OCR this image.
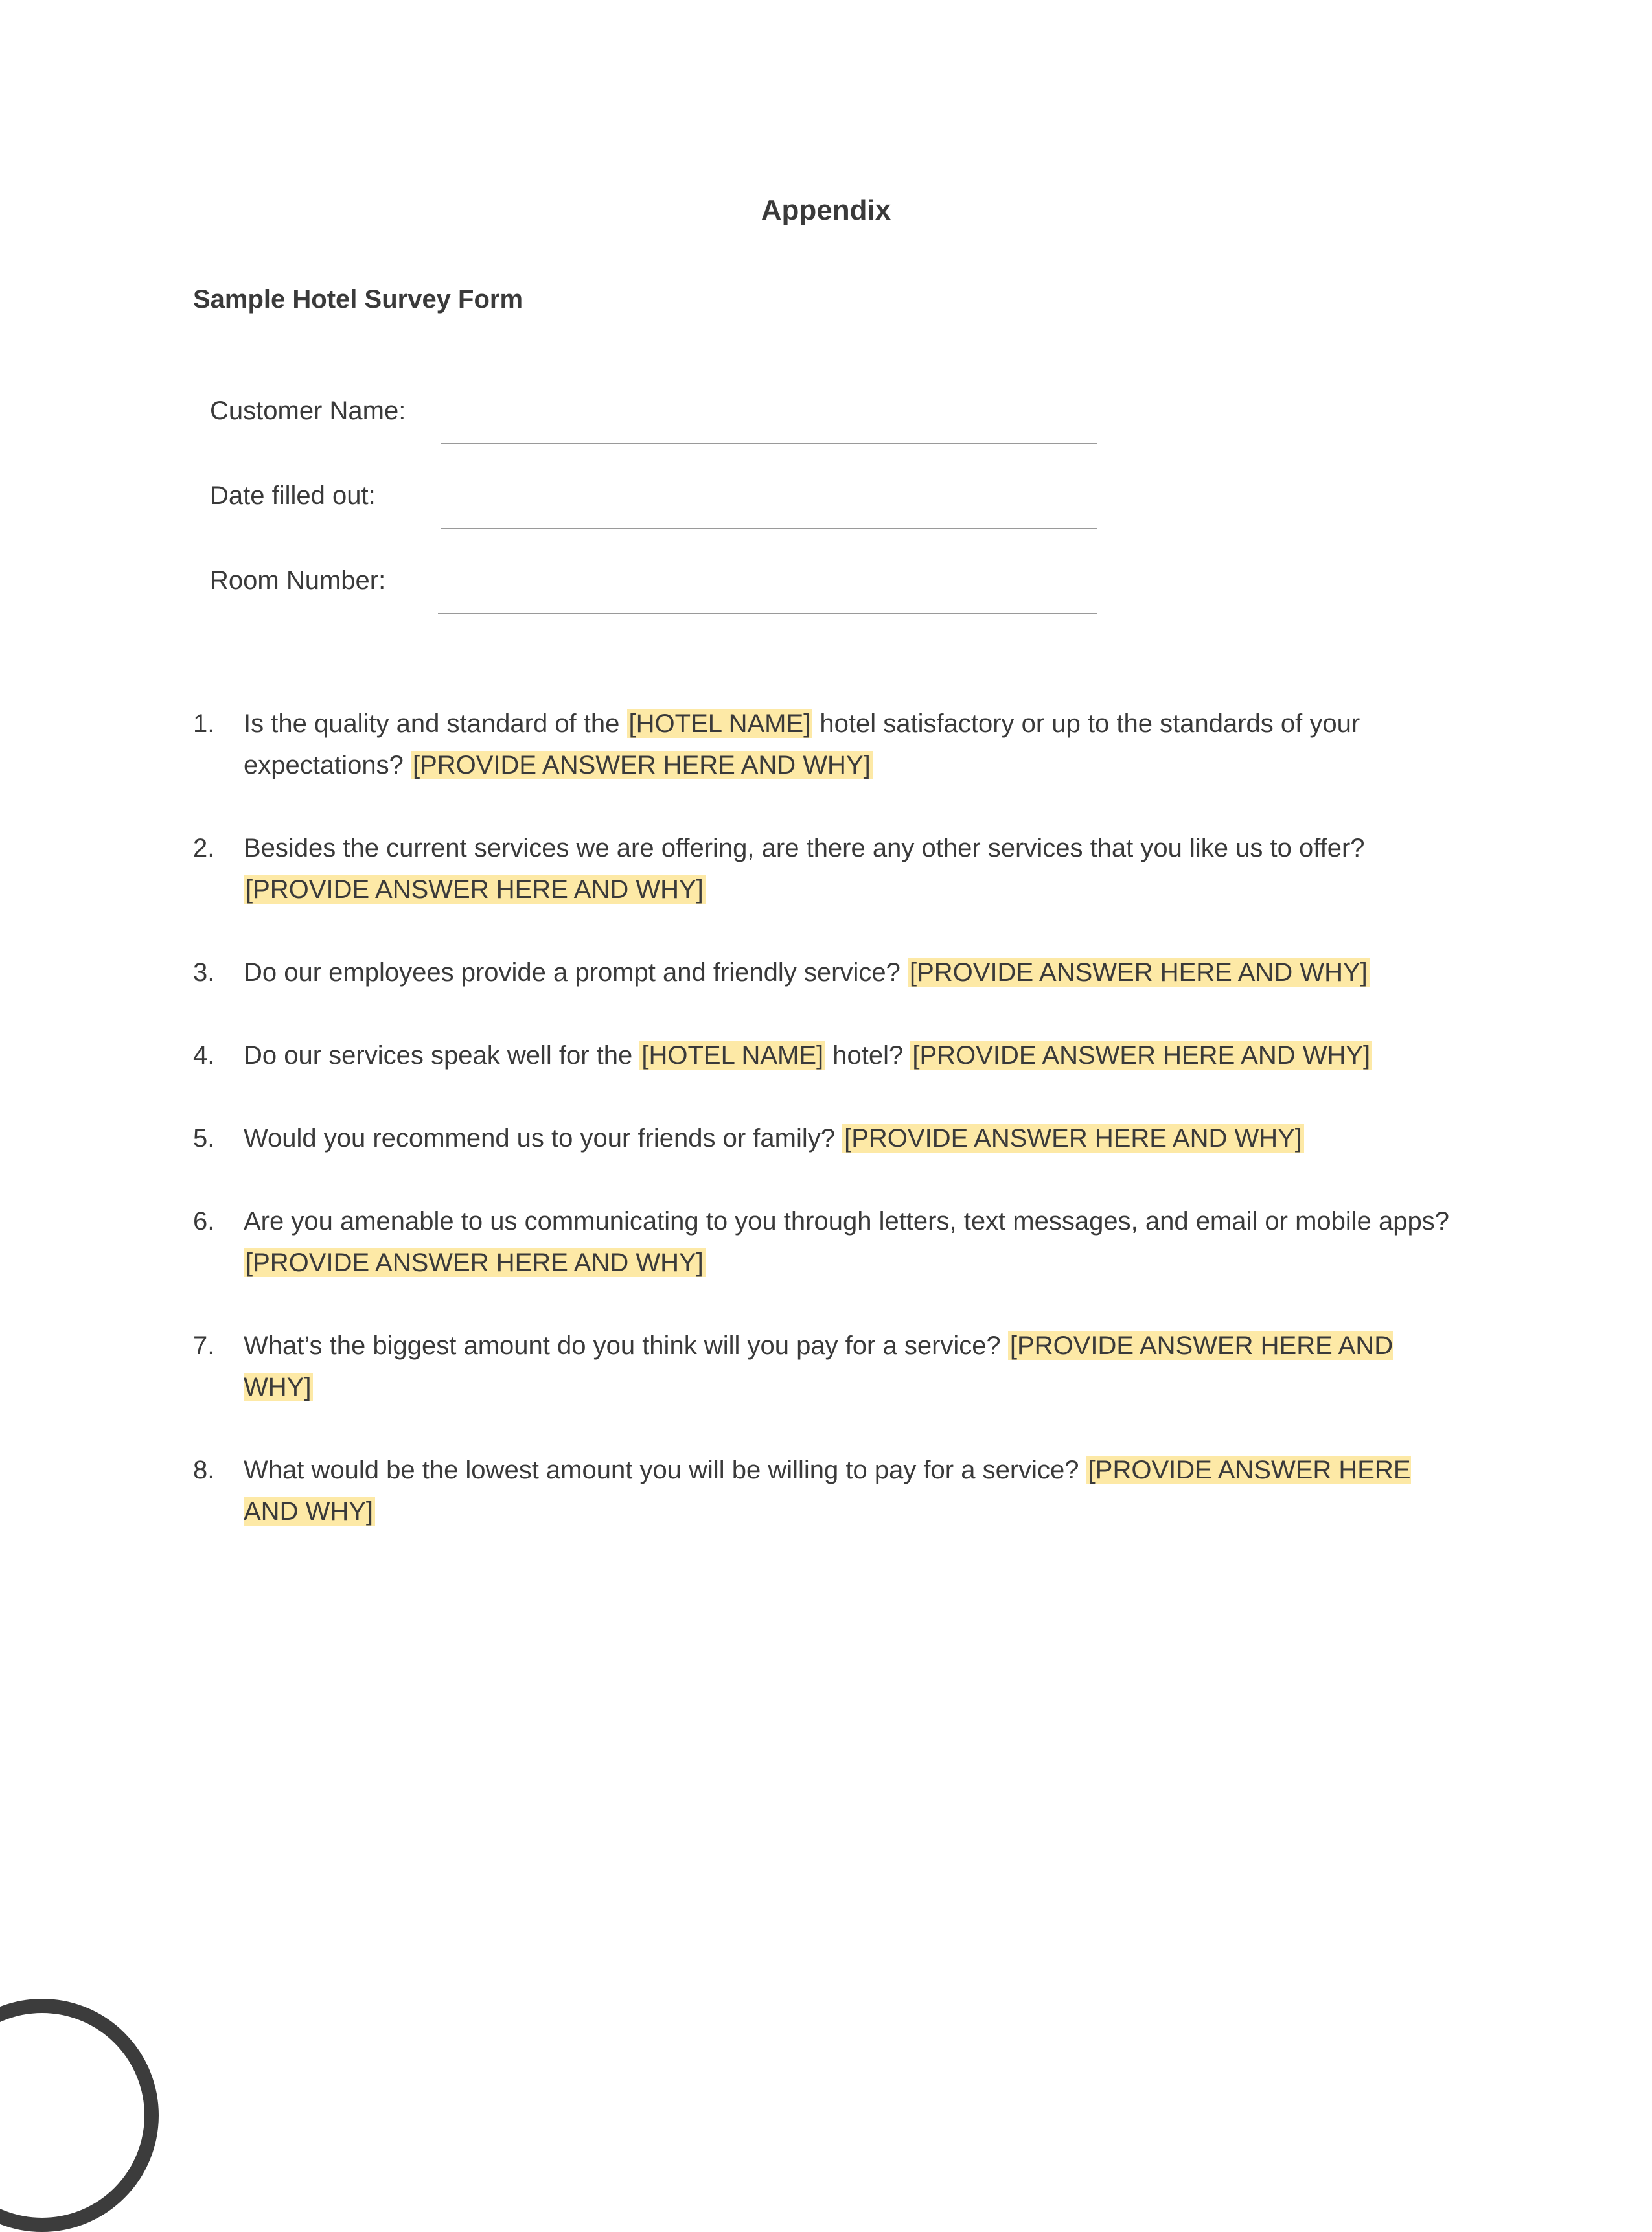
Appendix
Sample Hotel Survey Form
Customer Name:
Date filled out:
Room Number:
1.	Is the quality and standard of the [HOTEL NAME] hotel satisfactory or up to the standards of your expectations? [PROVIDE ANSWER HERE AND WHY]
2.	Besides the current services we are offering, are there any other services that you like us to offer? [PROVIDE ANSWER HERE AND WHY]
3.	Do our employees provide a prompt and friendly service? [PROVIDE ANSWER HERE AND WHY]
4.	Do our services speak well for the [HOTEL NAME] hotel? [PROVIDE ANSWER HERE AND WHY]
5.	Would you recommend us to your friends or family? [PROVIDE ANSWER HERE AND WHY]
6.	Are you amenable to us communicating to you through letters, text messages, and email or mobile apps? [PROVIDE ANSWER HERE AND WHY]
7.	What’s the biggest amount do you think will you pay for a service? [PROVIDE ANSWER HERE AND WHY]
8.	What would be the lowest amount you will be willing to pay for a service? [PROVIDE ANSWER HERE AND WHY]
